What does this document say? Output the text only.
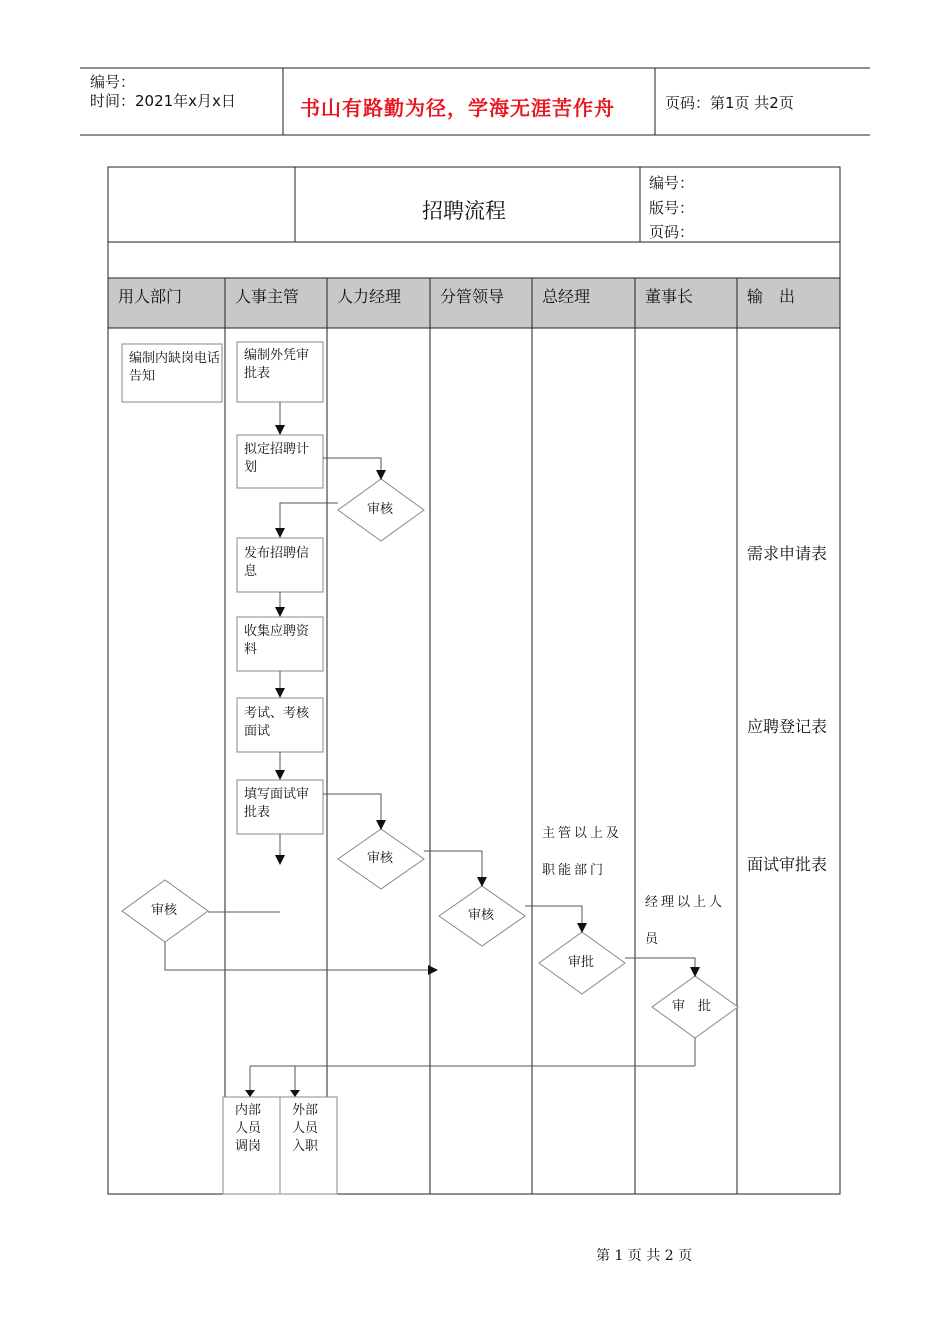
编号：
时间：2021年x月x日	书山有路勤为径，学海无涯苦作舟	页码：第1页 共2页
招聘流程
编号：
版号：
页码：
用人部门	人事主管 人力经理 分管领导 总经理	董事长	输　出
编制内缺岗电话告知
编制外凭审批表
拟定招聘计划
发布招聘信息
收集应聘资料
考试、考核面试
填写面试审批表
审核
审核
审核	审核
审批
审　批
内部人员调岗
外部人员入职
主管以上及职能部门
经理以上人员
需求申请表
应聘登记表
面试审批表
第 1 页 共 2 页
